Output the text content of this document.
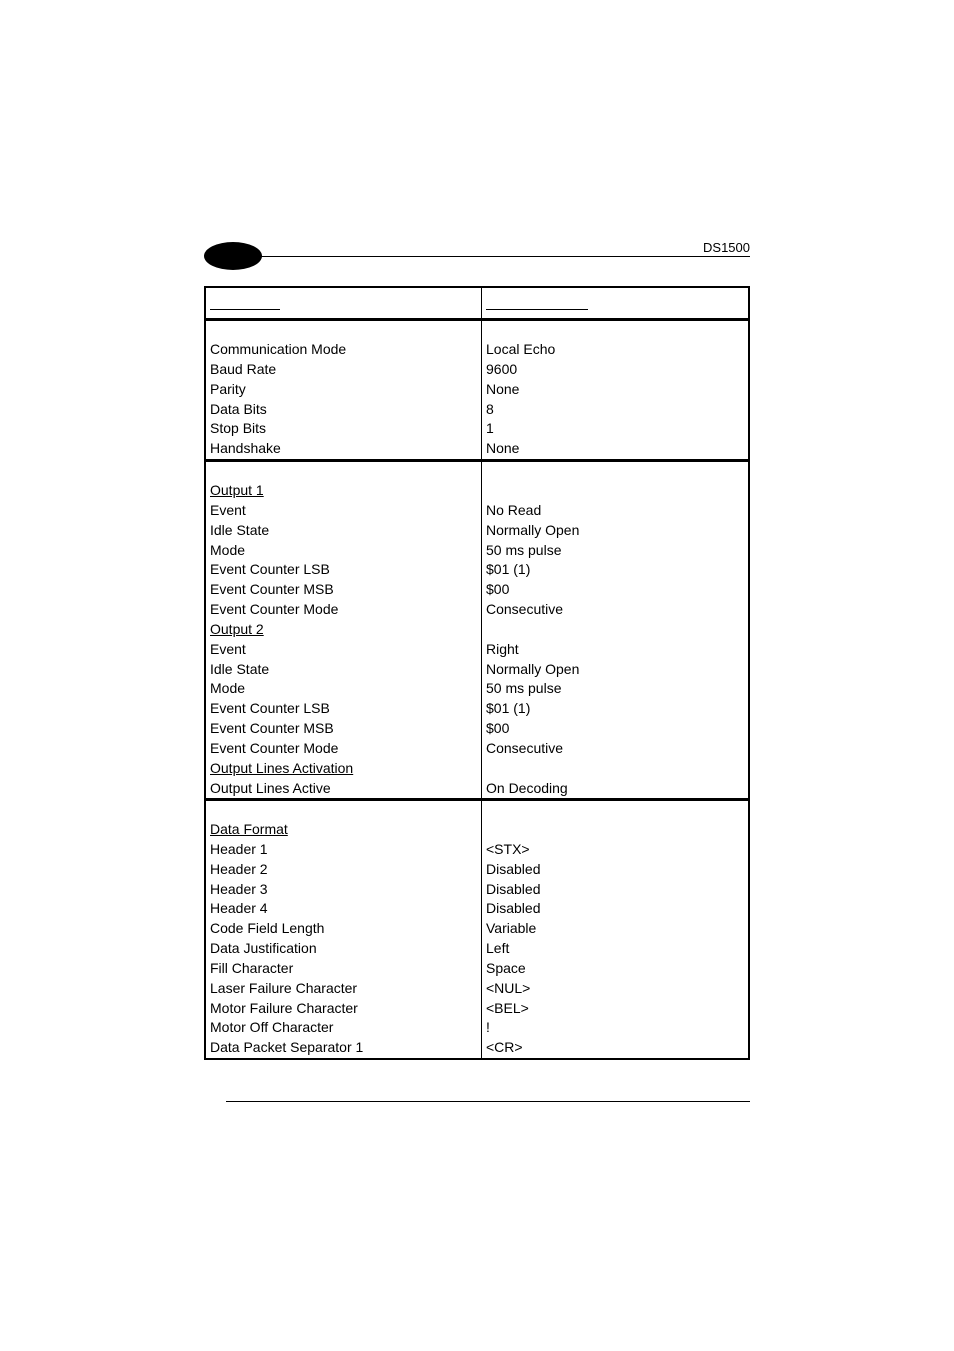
DS1500
Communication Mode	Local Echo
Baud Rate	9600
Parity	None
Data Bits	8
Stop Bits	1
Handshake	None
Output 1
Event	No Read
Idle State	Normally Open
Mode	50 ms pulse
Event Counter LSB	$01 (1)
Event Counter MSB	$00
Event Counter Mode	Consecutive
Output 2
Event	Right
Idle State	Normally Open
Mode	50 ms pulse
Event Counter LSB	$01 (1)
Event Counter MSB	$00
Event Counter Mode	Consecutive
Output Lines Activation
Output Lines Active	On Decoding
Data Format
Header 1	<STX>
Header 2	Disabled
Header 3	Disabled
Header 4	Disabled
Code Field Length	Variable
Data Justification	Left
Fill Character	Space
Laser Failure Character	<NUL>
Motor Failure Character	<BEL>
Motor Off Character	!
Data Packet Separator 1	<CR>
